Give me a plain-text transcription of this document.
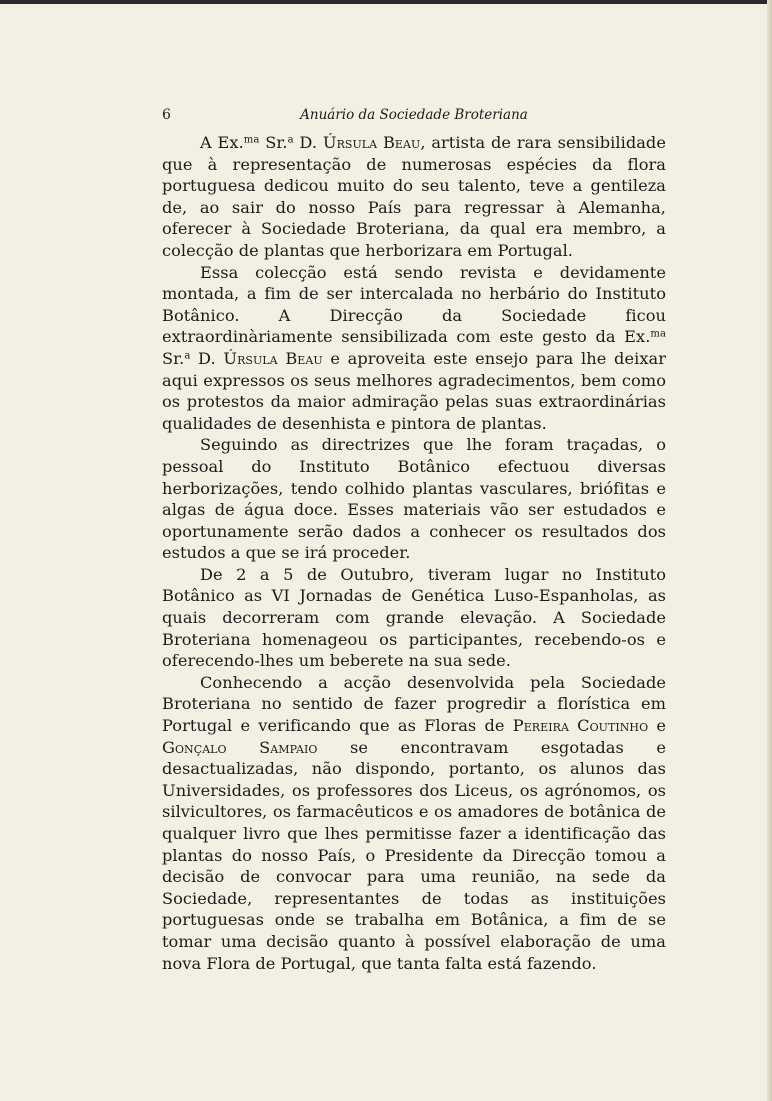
6	Anuário da Sociedade Broteriana

A Ex.$^{ma}$ Sr.$^a$ D. Úrsula Beau, artista de rara sensibilidade que à representação de numerosas espécies da flora portuguesa dedicou muito do seu talento, teve a gentileza de, ao sair do nosso País para regressar à Alemanha, oferecer à Sociedade Broteriana, da qual era membro, a colecção de plantas que herborizara em Portugal.

Essa colecção está sendo revista e devidamente montada, a fim de ser intercalada no herbário do Instituto Botânico. A Direcção da Sociedade ficou extraordinàriamente sensibilizada com este gesto da Ex.$^{ma}$ Sr.$^a$ D. Úrsula Beau e aproveita este ensejo para lhe deixar aqui expressos os seus melhores agradecimentos, bem como os protestos da maior admiração pelas suas extraordinárias qualidades de desenhista e pintora de plantas.

Seguindo as directrizes que lhe foram traçadas, o pessoal do Instituto Botânico efectuou diversas herborizações, tendo colhido plantas vasculares, briófitas e algas de água doce. Esses materiais vão ser estudados e oportunamente serão dados a conhecer os resultados dos estudos a que se irá proceder.

De 2 a 5 de Outubro, tiveram lugar no Instituto Botânico as VI Jornadas de Genética Luso-Espanholas, as quais decorreram com grande elevação. A Sociedade Broteriana homenageou os participantes, recebendo-os e oferecendo-lhes um beberete na sua sede.

Conhecendo a acção desenvolvida pela Sociedade Broteriana no sentido de fazer progredir a florística em Portugal e verificando que as Floras de Pereira Coutinho e Gonçalo Sampaio se encontravam esgotadas e desactualizadas, não dispondo, portanto, os alunos das Universidades, os professores dos Liceus, os agrónomos, os silvicultores, os farmacêuticos e os amadores de botânica de qualquer livro que lhes permitisse fazer a identificação das plantas do nosso País, o Presidente da Direcção tomou a decisão de convocar para uma reunião, na sede da Sociedade, representantes de todas as instituições portuguesas onde se trabalha em Botânica, a fim de se tomar uma decisão quanto à possível elaboração de uma nova Flora de Portugal, que tanta falta está fazendo.
